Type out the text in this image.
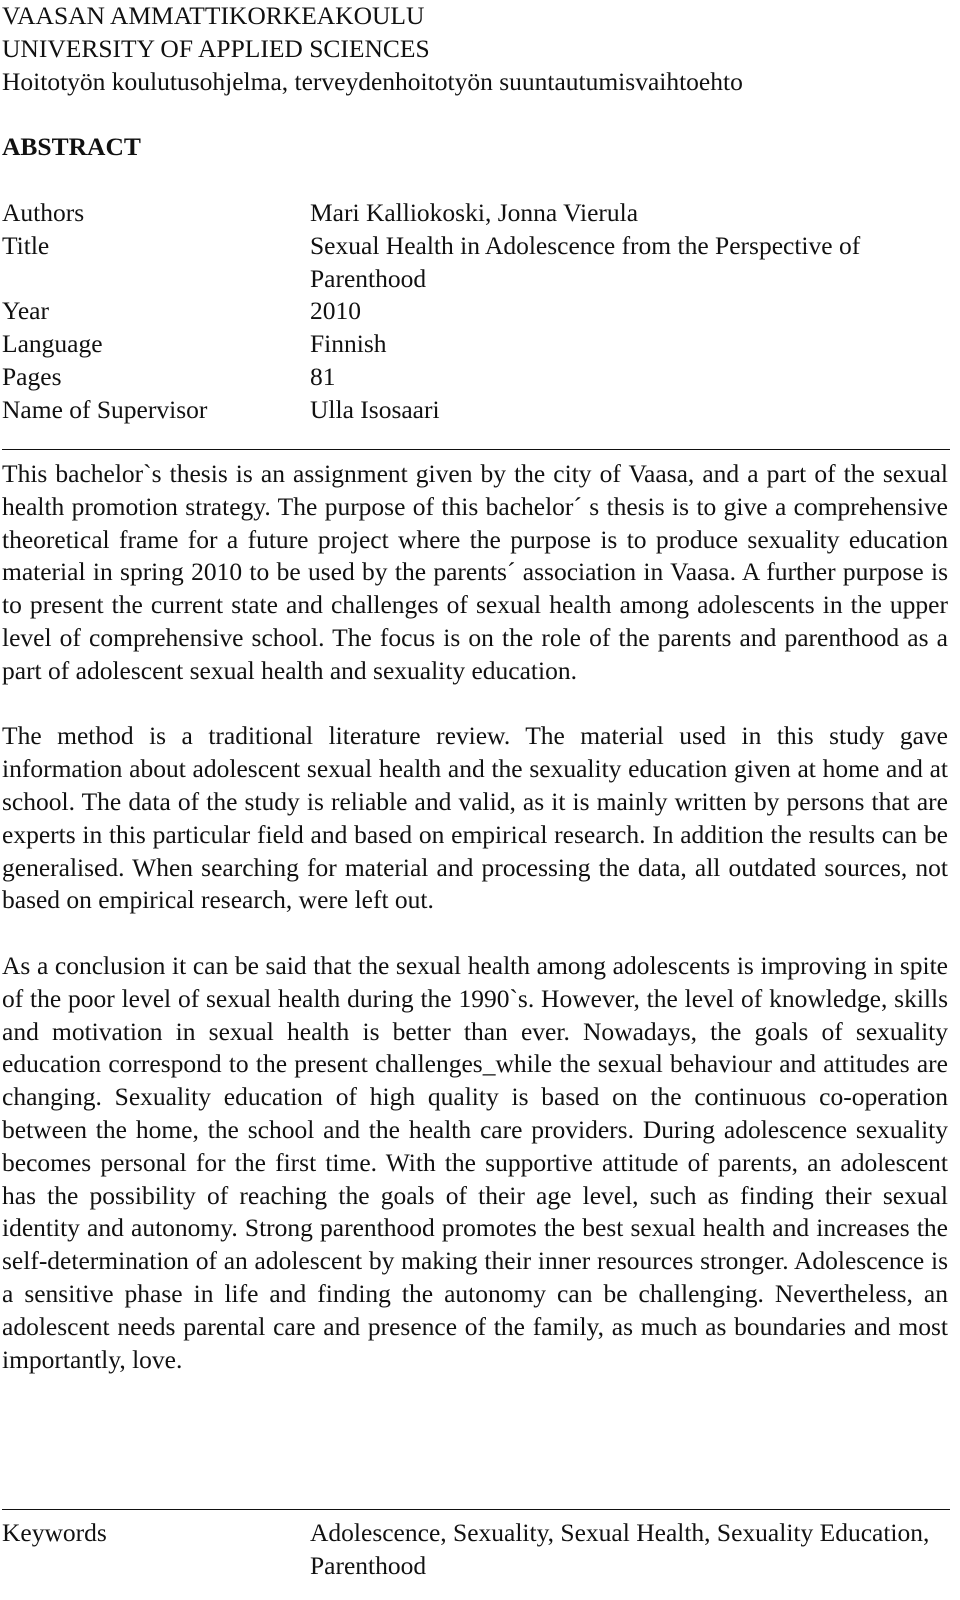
VAASAN AMMATTIKORKEAKOULU
UNIVERSITY OF APPLIED SCIENCES
Hoitotyön koulutusohjelma, terveydenhoitotyön suuntautumisvaihtoehto
ABSTRACT
Authors	Mari Kalliokoski, Jonna Vierula
Title	Sexual Health in Adolescence from the Perspective of Parenthood
Year	2010
Language	Finnish
Pages	81
Name of Supervisor	Ulla Isosaari

This bachelor`s thesis is an assignment given by the city of Vaasa, and a part of the sexual health promotion strategy. The purpose of this bachelor´ s thesis is to give a comprehensive theoretical frame for a future project where the purpose is to produce sexuality education material in spring 2010 to be used by the parents´ association in Vaasa. A further purpose is to present the current state and challenges of sexual health among adolescents in the upper level of comprehensive school. The focus is on the role of the parents and parenthood as a part of adolescent sexual health and sexuality education.

The method is a traditional literature review. The material used in this study gave information about adolescent sexual health and the sexuality education given at home and at school. The data of the study is reliable and valid, as it is mainly written by persons that are experts in this particular field and based on empirical research. In addition the results can be generalised. When searching for material and processing the data, all outdated sources, not based on empirical research, were left out.

As a conclusion it can be said that the sexual health among adolescents is improving in spite of the poor level of sexual health during the 1990`s. However, the level of knowledge, skills and motivation in sexual health is better than ever. Nowadays, the goals of sexuality education correspond to the present challenges_while the sexual behaviour and attitudes are changing. Sexuality education of high quality is based on the continuous co-operation between the home, the school and the health care providers. During adolescence sexuality becomes personal for the first time. With the supportive attitude of parents, an adolescent has the possibility of reaching the goals of their age level, such as finding their sexual identity and autonomy. Strong parenthood promotes the best sexual health and increases the self-determination of an adolescent by making their inner resources stronger. Adolescence is a sensitive phase in life and finding the autonomy can be challenging. Nevertheless, an adolescent needs parental care and presence of the family, as much as boundaries and most importantly, love.

Keywords	Adolescence, Sexuality, Sexual Health, Sexuality Education, Parenthood
